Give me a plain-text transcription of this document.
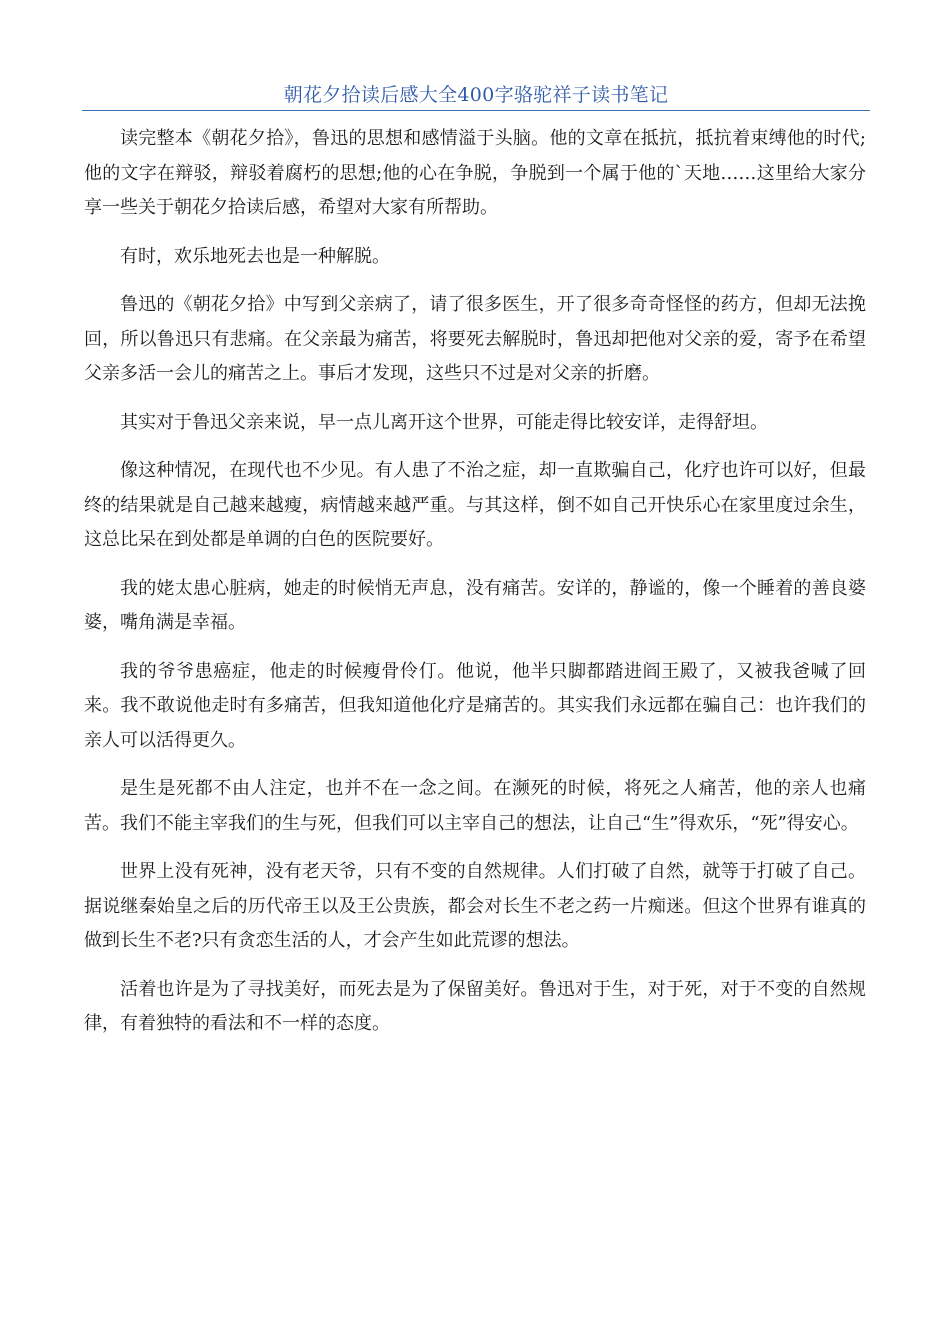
朝花夕拾读后感大全400字骆驼祥子读书笔记

读完整本《朝花夕拾》，鲁迅的思想和感情溢于头脑。他的文章在抵抗，抵抗着束缚他的时代;他的文字在辩驳，辩驳着腐朽的思想;他的心在争脱，争脱到一个属于他的`天地……这里给大家分享一些关于朝花夕拾读后感，希望对大家有所帮助。

有时，欢乐地死去也是一种解脱。

鲁迅的《朝花夕拾》中写到父亲病了，请了很多医生，开了很多奇奇怪怪的药方，但却无法挽回，所以鲁迅只有悲痛。在父亲最为痛苦，将要死去解脱时，鲁迅却把他对父亲的爱，寄予在希望父亲多活一会儿的痛苦之上。事后才发现，这些只不过是对父亲的折磨。

其实对于鲁迅父亲来说，早一点儿离开这个世界，可能走得比较安详，走得舒坦。

像这种情况，在现代也不少见。有人患了不治之症，却一直欺骗自己，化疗也许可以好，但最终的结果就是自己越来越瘦，病情越来越严重。与其这样，倒不如自己开快乐心在家里度过余生，这总比呆在到处都是单调的白色的医院要好。

我的姥太患心脏病，她走的时候悄无声息，没有痛苦。安详的，静谧的，像一个睡着的善良婆婆，嘴角满是幸福。

我的爷爷患癌症，他走的时候瘦骨伶仃。他说，他半只脚都踏进阎王殿了，又被我爸喊了回来。我不敢说他走时有多痛苦，但我知道他化疗是痛苦的。其实我们永远都在骗自己：也许我们的亲人可以活得更久。

是生是死都不由人注定，也并不在一念之间。在濒死的时候，将死之人痛苦，他的亲人也痛苦。我们不能主宰我们的生与死，但我们可以主宰自己的想法，让自己“生”得欢乐，“死”得安心。

世界上没有死神，没有老天爷，只有不变的自然规律。人们打破了自然，就等于打破了自己。据说继秦始皇之后的历代帝王以及王公贵族，都会对长生不老之药一片痴迷。但这个世界有谁真的做到长生不老?只有贪恋生活的人，才会产生如此荒谬的想法。

活着也许是为了寻找美好，而死去是为了保留美好。鲁迅对于生，对于死，对于不变的自然规律，有着独特的看法和不一样的态度。
